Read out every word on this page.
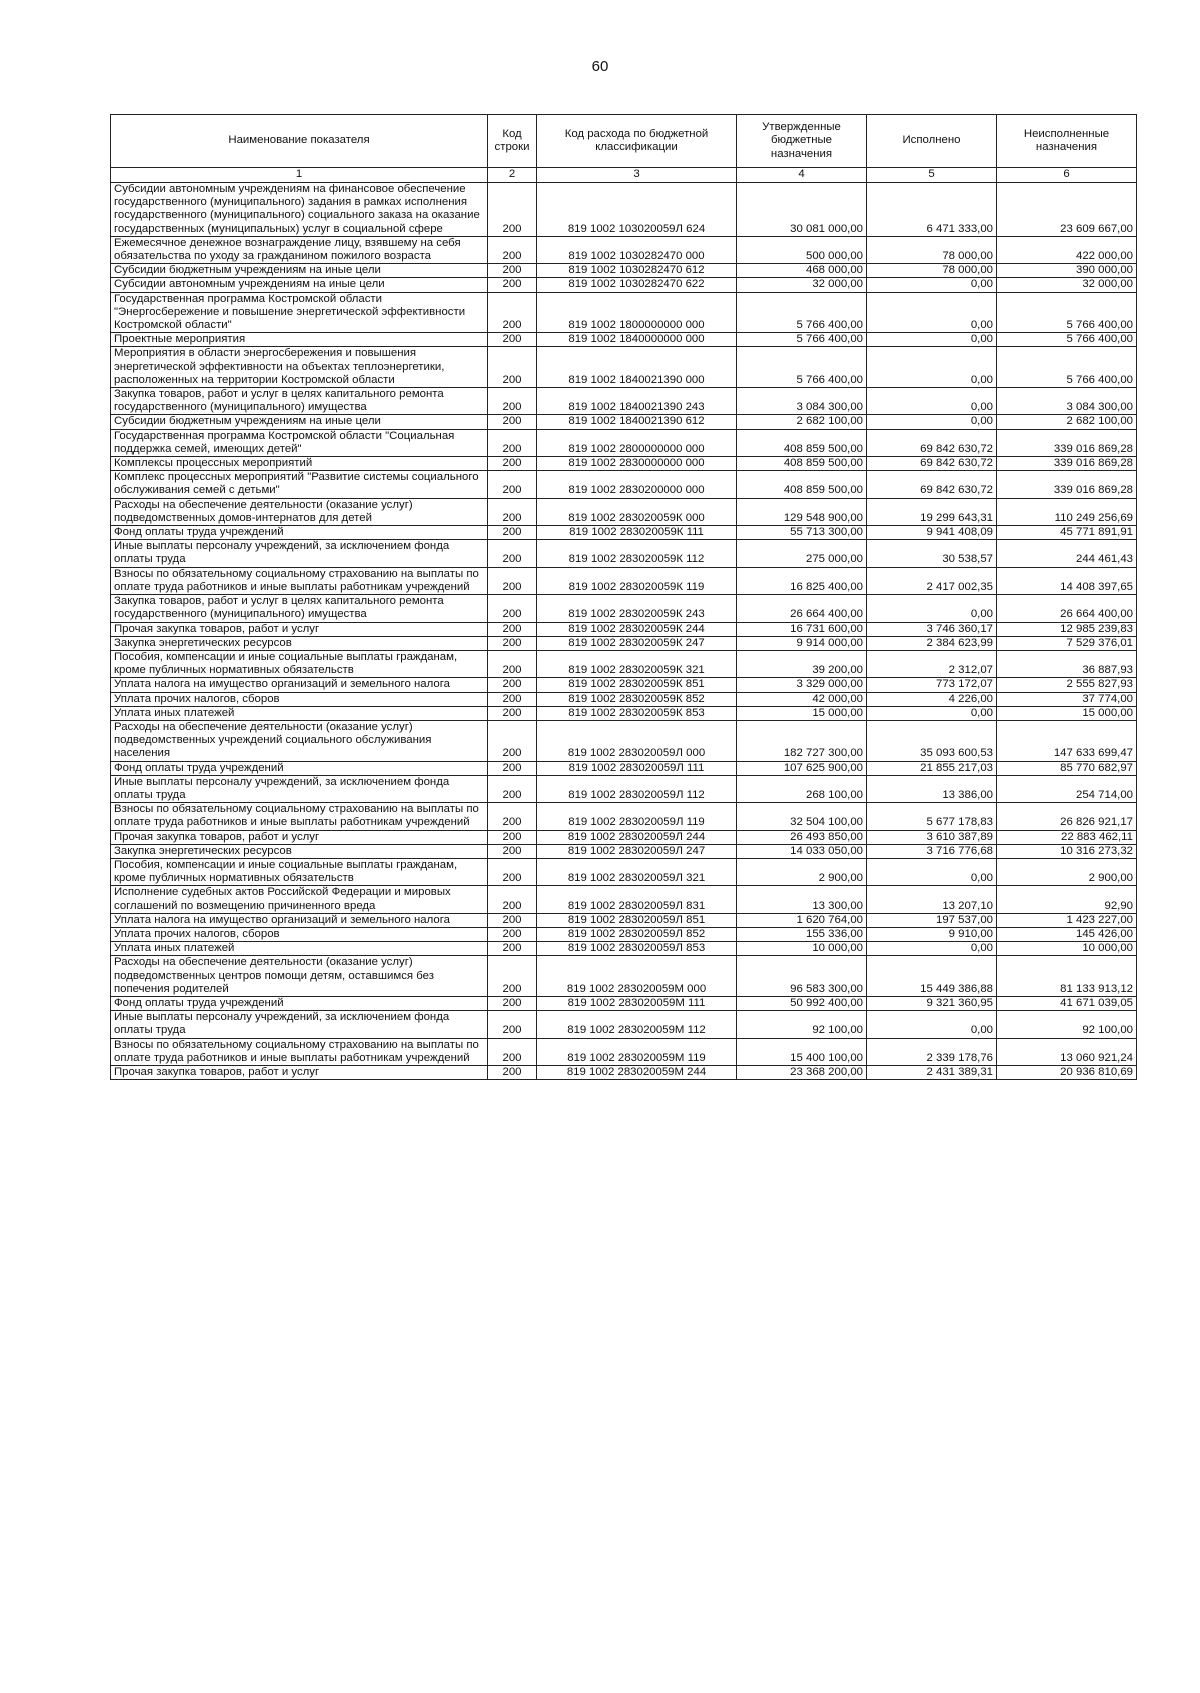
60
Наименование показателя	Код строки	Код расхода по бюджетной классификации	Утвержденные бюджетные назначения	Исполнено	Неисполненные назначения
1	2	3	4	5	6
Субсидии автономным учреждениям на финансовое обеспечение государственного (муниципального) задания в рамках исполнения государственного (муниципального) социального заказа на оказание государственных (муниципальных) услуг в социальной сфере	200	819 1002 103020059Л 624	30 081 000,00	6 471 333,00	23 609 667,00
Ежемесячное денежное вознаграждение лицу, взявшему на себя обязательства по уходу за гражданином пожилого возраста	200	819 1002 1030282470 000	500 000,00	78 000,00	422 000,00
Субсидии бюджетным учреждениям на иные цели	200	819 1002 1030282470 612	468 000,00	78 000,00	390 000,00
Субсидии автономным учреждениям на иные цели	200	819 1002 1030282470 622	32 000,00	0,00	32 000,00
Государственная программа Костромской области "Энергосбережение и повышение энергетической эффективности Костромской области"	200	819 1002 1800000000 000	5 766 400,00	0,00	5 766 400,00
Проектные мероприятия	200	819 1002 1840000000 000	5 766 400,00	0,00	5 766 400,00
Мероприятия в области энергосбережения и повышения энергетической эффективности на объектах теплоэнергетики, расположенных на территории Костромской области	200	819 1002 1840021390 000	5 766 400,00	0,00	5 766 400,00
Закупка товаров, работ и услуг в целях капитального ремонта государственного (муниципального) имущества	200	819 1002 1840021390 243	3 084 300,00	0,00	3 084 300,00
Субсидии бюджетным учреждениям на иные цели	200	819 1002 1840021390 612	2 682 100,00	0,00	2 682 100,00
Государственная программа Костромской области "Социальная поддержка семей, имеющих детей"	200	819 1002 2800000000 000	408 859 500,00	69 842 630,72	339 016 869,28
Комплексы процессных мероприятий	200	819 1002 2830000000 000	408 859 500,00	69 842 630,72	339 016 869,28
Комплекс процессных мероприятий "Развитие системы социального обслуживания семей с детьми"	200	819 1002 2830200000 000	408 859 500,00	69 842 630,72	339 016 869,28
Расходы на обеспечение деятельности (оказание услуг) подведомственных домов-интернатов для детей	200	819 1002 283020059К 000	129 548 900,00	19 299 643,31	110 249 256,69
Фонд оплаты труда учреждений	200	819 1002 283020059К 111	55 713 300,00	9 941 408,09	45 771 891,91
Иные выплаты персоналу учреждений, за исключением фонда оплаты труда	200	819 1002 283020059К 112	275 000,00	30 538,57	244 461,43
Взносы по обязательному социальному страхованию на выплаты по оплате труда работников и иные выплаты работникам учреждений	200	819 1002 283020059К 119	16 825 400,00	2 417 002,35	14 408 397,65
Закупка товаров, работ и услуг в целях капитального ремонта государственного (муниципального) имущества	200	819 1002 283020059К 243	26 664 400,00	0,00	26 664 400,00
Прочая закупка товаров, работ и услуг	200	819 1002 283020059К 244	16 731 600,00	3 746 360,17	12 985 239,83
Закупка энергетических ресурсов	200	819 1002 283020059К 247	9 914 000,00	2 384 623,99	7 529 376,01
Пособия, компенсации и иные социальные выплаты гражданам, кроме публичных нормативных обязательств	200	819 1002 283020059К 321	39 200,00	2 312,07	36 887,93
Уплата налога на имущество организаций и земельного налога	200	819 1002 283020059К 851	3 329 000,00	773 172,07	2 555 827,93
Уплата прочих налогов, сборов	200	819 1002 283020059К 852	42 000,00	4 226,00	37 774,00
Уплата иных платежей	200	819 1002 283020059К 853	15 000,00	0,00	15 000,00
Расходы на обеспечение деятельности (оказание услуг) подведомственных учреждений социального обслуживания населения	200	819 1002 283020059Л 000	182 727 300,00	35 093 600,53	147 633 699,47
Фонд оплаты труда учреждений	200	819 1002 283020059Л 111	107 625 900,00	21 855 217,03	85 770 682,97
Иные выплаты персоналу учреждений, за исключением фонда оплаты труда	200	819 1002 283020059Л 112	268 100,00	13 386,00	254 714,00
Взносы по обязательному социальному страхованию на выплаты по оплате труда работников и иные выплаты работникам учреждений	200	819 1002 283020059Л 119	32 504 100,00	5 677 178,83	26 826 921,17
Прочая закупка товаров, работ и услуг	200	819 1002 283020059Л 244	26 493 850,00	3 610 387,89	22 883 462,11
Закупка энергетических ресурсов	200	819 1002 283020059Л 247	14 033 050,00	3 716 776,68	10 316 273,32
Пособия, компенсации и иные социальные выплаты гражданам, кроме публичных нормативных обязательств	200	819 1002 283020059Л 321	2 900,00	0,00	2 900,00
Исполнение судебных актов Российской Федерации и мировых соглашений по возмещению причиненного вреда	200	819 1002 283020059Л 831	13 300,00	13 207,10	92,90
Уплата налога на имущество организаций и земельного налога	200	819 1002 283020059Л 851	1 620 764,00	197 537,00	1 423 227,00
Уплата прочих налогов, сборов	200	819 1002 283020059Л 852	155 336,00	9 910,00	145 426,00
Уплата иных платежей	200	819 1002 283020059Л 853	10 000,00	0,00	10 000,00
Расходы на обеспечение деятельности (оказание услуг) подведомственных центров помощи детям, оставшимся без попечения родителей	200	819 1002 283020059М 000	96 583 300,00	15 449 386,88	81 133 913,12
Фонд оплаты труда учреждений	200	819 1002 283020059М 111	50 992 400,00	9 321 360,95	41 671 039,05
Иные выплаты персоналу учреждений, за исключением фонда оплаты труда	200	819 1002 283020059М 112	92 100,00	0,00	92 100,00
Взносы по обязательному социальному страхованию на выплаты по оплате труда работников и иные выплаты работникам учреждений	200	819 1002 283020059М 119	15 400 100,00	2 339 178,76	13 060 921,24
Прочая закупка товаров, работ и услуг	200	819 1002 283020059М 244	23 368 200,00	2 431 389,31	20 936 810,69
